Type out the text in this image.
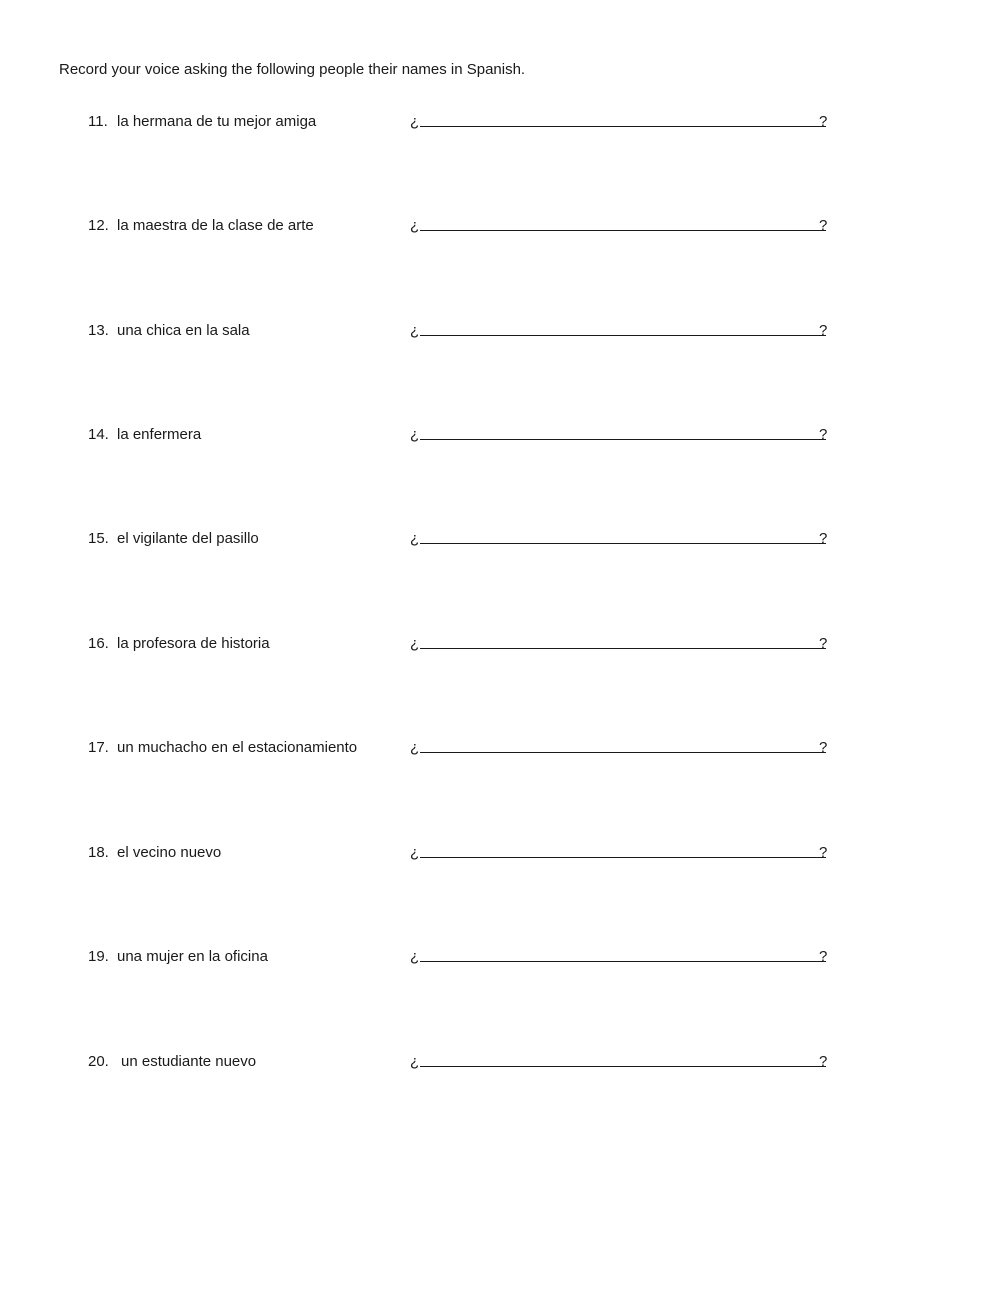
Record your voice asking the following people their names in Spanish.
11. la hermana de tu mejor amiga	¿	?
12. la maestra de la clase de arte	¿	?
13. una chica en la sala	¿	?
14. la enfermera	¿	?
15. el vigilante del pasillo	¿	?
16. la profesora de historia	¿	?
17. un muchacho en el estacionamiento	¿	?
18. el vecino nuevo	¿	?
19. una mujer en la oficina	¿	?
20. un estudiante nuevo	¿	?
